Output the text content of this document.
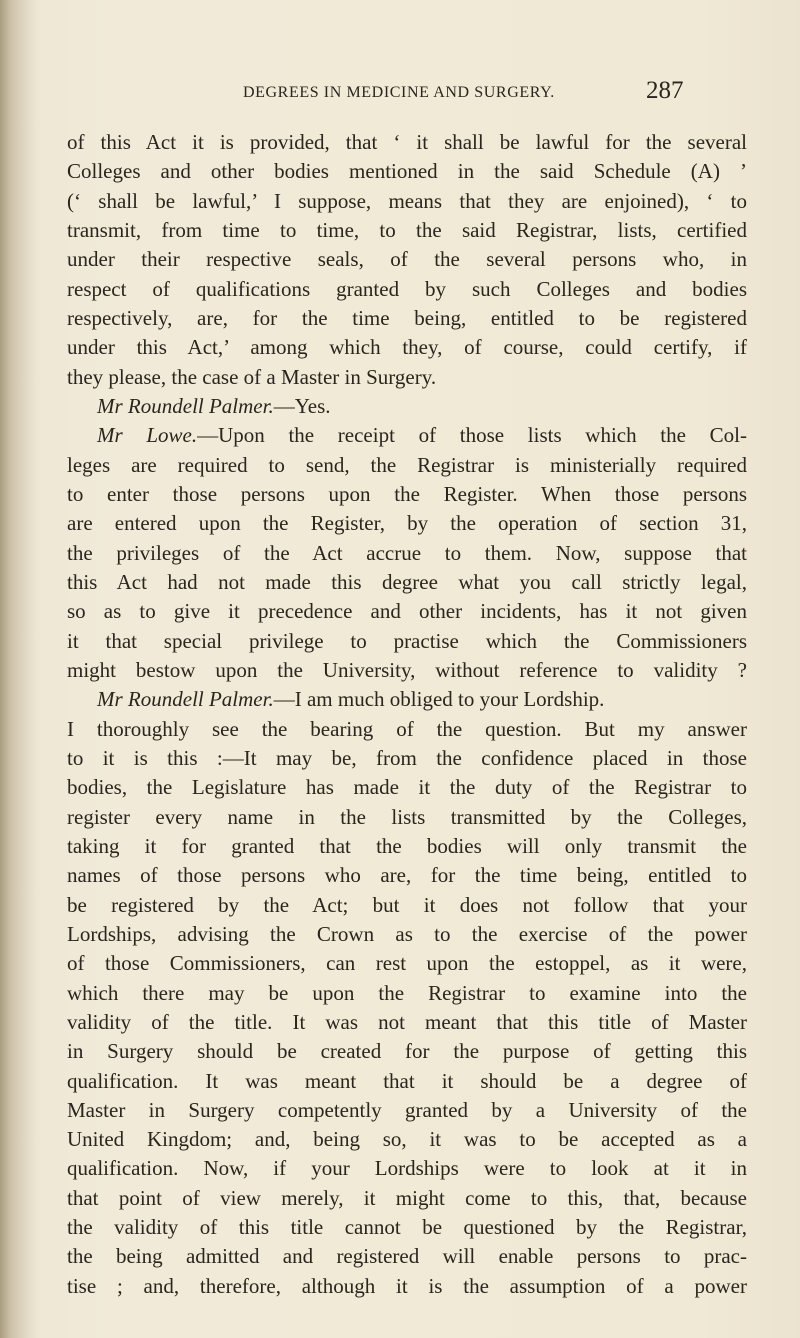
DEGREES IN MEDICINE AND SURGERY.	287
of this Act it is provided, that ‘ it shall be lawful for the several
Colleges and other bodies mentioned in the said Schedule (A) ’
(‘ shall be lawful,’ I suppose, means that they are enjoined), ‘ to
transmit, from time to time, to the said Registrar, lists, certified
under their respective seals, of the several persons who, in
respect of qualifications granted by such Colleges and bodies
respectively, are, for the time being, entitled to be registered
under this Act,’ among which they, of course, could certify, if
they please, the case of a Master in Surgery.
Mr Roundell Palmer.—Yes.
Mr Lowe.—Upon the receipt of those lists which the Col-
leges are required to send, the Registrar is ministerially required
to enter those persons upon the Register. When those persons
are entered upon the Register, by the operation of section 31,
the privileges of the Act accrue to them. Now, suppose that
this Act had not made this degree what you call strictly legal,
so as to give it precedence and other incidents, has it not given
it that special privilege to practise which the Commissioners
might bestow upon the University, without reference to validity ?
Mr Roundell Palmer.—I am much obliged to your Lordship.
I thoroughly see the bearing of the question. But my answer
to it is this :—It may be, from the confidence placed in those
bodies, the Legislature has made it the duty of the Registrar to
register every name in the lists transmitted by the Colleges,
taking it for granted that the bodies will only transmit the
names of those persons who are, for the time being, entitled to
be registered by the Act; but it does not follow that your
Lordships, advising the Crown as to the exercise of the power
of those Commissioners, can rest upon the estoppel, as it were,
which there may be upon the Registrar to examine into the
validity of the title. It was not meant that this title of Master
in Surgery should be created for the purpose of getting this
qualification. It was meant that it should be a degree of
Master in Surgery competently granted by a University of the
United Kingdom; and, being so, it was to be accepted as a
qualification. Now, if your Lordships were to look at it in
that point of view merely, it might come to this, that, because
the validity of this title cannot be questioned by the Registrar,
the being admitted and registered will enable persons to prac-
tise ; and, therefore, although it is the assumption of a power
